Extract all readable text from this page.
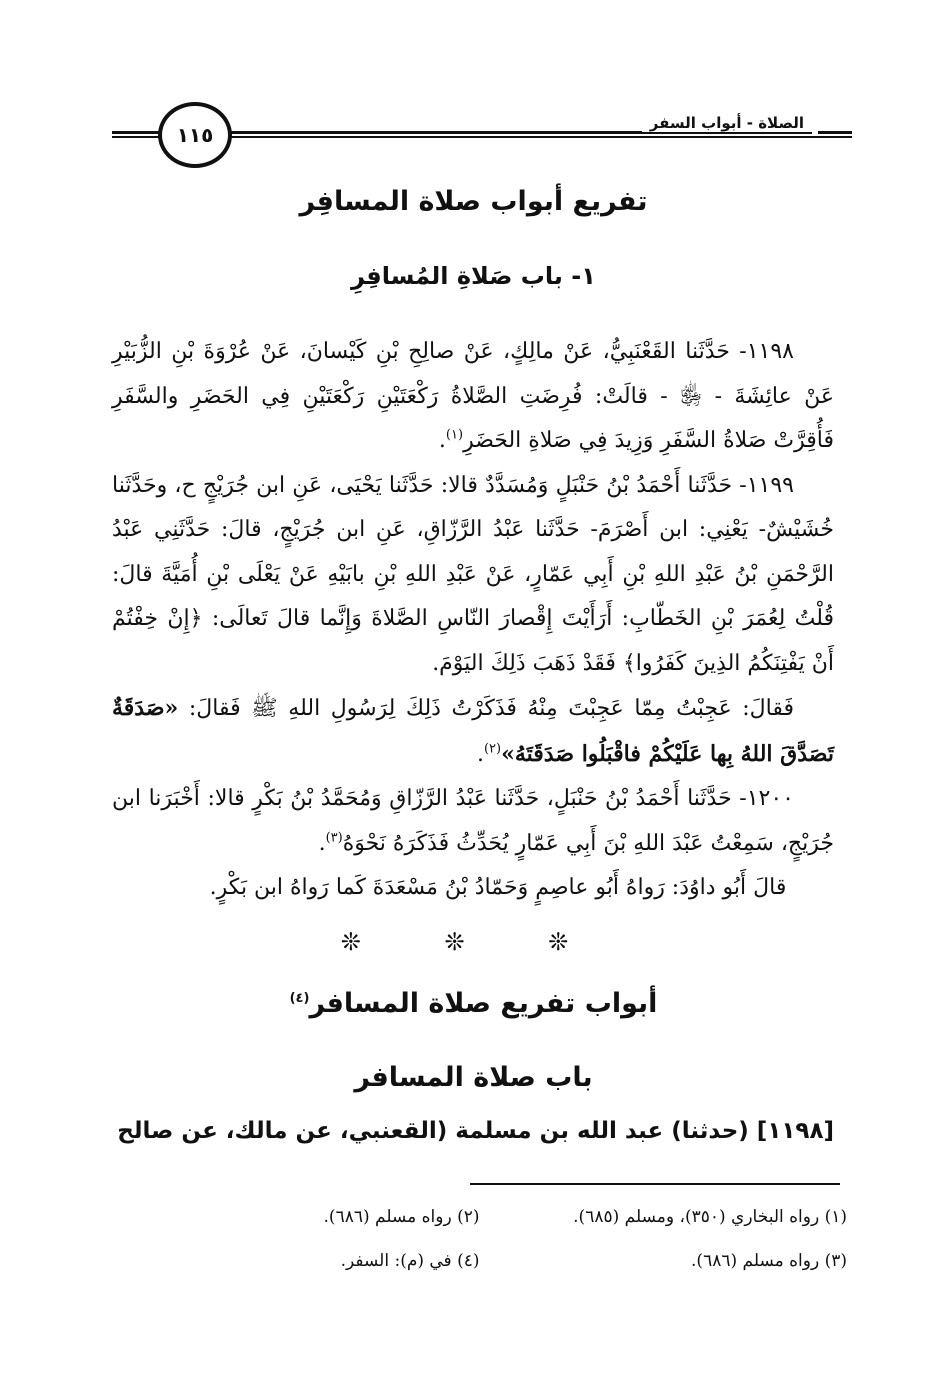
الصلاة - أبواب السفر
١١٥
تفريع أبواب صلاة المسافِر
١- باب صَلاةِ المُسافِرِ

١١٩٨- حَدَّثَنا القَعْنَبِيُّ، عَنْ مالِكٍ، عَنْ صالِحِ بْنِ كَيْسانَ، عَنْ عُرْوَةَ بْنِ الزُّبَيْرِ عَنْ عائِشَةَ - ﵂ - قالَتْ: فُرِضَتِ الصَّلاةُ رَكْعَتَيْنِ رَكْعَتَيْنِ فِي الحَضَرِ والسَّفَرِ فَأُقِرَّتْ صَلاةُ السَّفَرِ وَزِيدَ فِي صَلاةِ الحَضَرِ$^{(١)}$.

١١٩٩- حَدَّثَنا أَحْمَدُ بْنُ حَنْبَلٍ وَمُسَدَّدٌ قالا: حَدَّثَنا يَحْيَى، عَنِ ابن جُرَيْجٍ ح، وحَدَّثَنا خُشَيْشٌ- يَعْنِي: ابن أَصْرَمَ- حَدَّثَنا عَبْدُ الرَّزّاقِ، عَنِ ابن جُرَيْجٍ، قالَ: حَدَّثَنِي عَبْدُ الرَّحْمَنِ بْنُ عَبْدِ اللهِ بْنِ أَبِي عَمّارٍ، عَنْ عَبْدِ اللهِ بْنِ بابَيْهِ عَنْ يَعْلَى بْنِ أُمَيَّةَ قالَ: قُلْتُ لِعُمَرَ بْنِ الخَطّابِ: أَرَأَيْتَ إِقْصارَ النّاسِ الصَّلاةَ وَإِنَّما قالَ تَعالَى: ﴿إِنْ خِفْتُمْ أَنْ يَفْتِنَكُمُ الذِينَ كَفَرُوا﴾ فَقَدْ ذَهَبَ ذَلِكَ اليَوْمَ.

فَقالَ: عَجِبْتُ مِمّا عَجِبْتَ مِنْهُ فَذَكَرْتُ ذَلِكَ لِرَسُولِ اللهِ ﷺ فَقالَ: «صَدَقَةٌ تَصَدَّقَ اللهُ بِها عَلَيْكُمْ فاقْبَلُوا صَدَقَتَهُ»$^{(٢)}$.

١٢٠٠- حَدَّثَنا أَحْمَدُ بْنُ حَنْبَلٍ، حَدَّثَنا عَبْدُ الرَّزّاقِ وَمُحَمَّدُ بْنُ بَكْرٍ قالا: أَخْبَرَنا ابن جُرَيْجٍ، سَمِعْتُ عَبْدَ اللهِ بْنَ أَبِي عَمّارٍ يُحَدِّثُ فَذَكَرَهُ نَحْوَهُ$^{(٣)}$.

قالَ أَبُو داوُدَ: رَواهُ أَبُو عاصِمٍ وَحَمّادُ بْنُ مَسْعَدَةَ كَما رَواهُ ابن بَكْرٍ.

❊ ❊ ❊
أبواب تفريع صلاة المسافر$^{(٤)}$
باب صلاة المسافر
[١١٩٨] (حدثنا) عبد الله بن مسلمة (القعنبي، عن مالك، عن صالح
(١) رواه البخاري (٣٥٠)، ومسلم (٦٨٥).
(٢) رواه مسلم (٦٨٦).
(٣) رواه مسلم (٦٨٦).
(٤) في (م): السفر.
